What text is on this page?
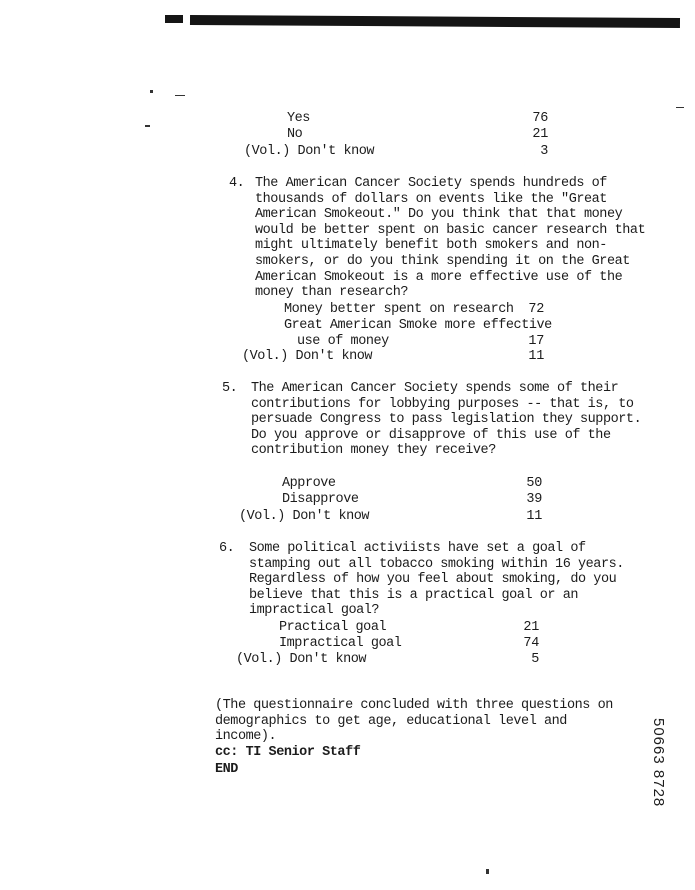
Yes	76
No	21
(Vol.) Don't know	3
4. The American Cancer Society spends hundreds of thousands of dollars on events like the "Great American Smokeout." Do you think that that money would be better spent on basic cancer research that might ultimately benefit both smokers and non-smokers, or do you think spending it on the Great American Smokeout is a more effective use of the money than research?
Money better spent on research	72
Great American Smoke more effective
use of money	17
(Vol.) Don't know	11
5. The American Cancer Society spends some of their contributions for lobbying purposes -- that is, to persuade Congress to pass legislation they support. Do you approve or disapprove of this use of the contribution money they receive?
Approve	50
Disapprove	39
(Vol.) Don't know	11
6. Some political activiists have set a goal of stamping out all tobacco smoking within 16 years. Regardless of how you feel about smoking, do you believe that this is a practical goal or an impractical goal?
Practical goal	21
Impractical goal	74
(Vol.) Don't know	5
(The questionnaire concluded with three questions on demographics to get age, educational level and income).
cc: TI Senior Staff
END	50663 8728
